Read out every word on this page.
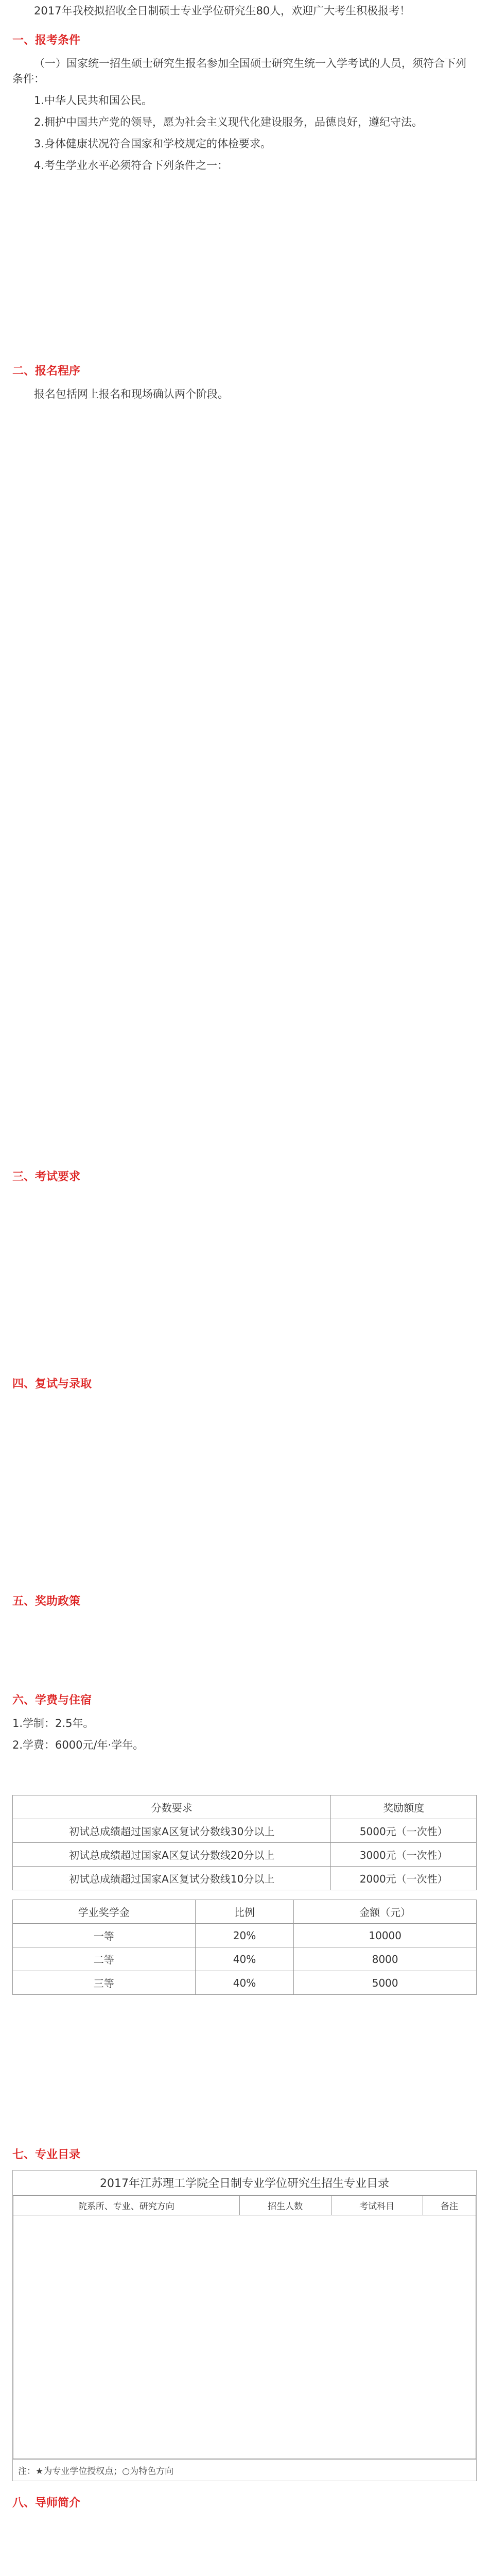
2017年我校拟招收全日制硕士专业学位研究生80人，欢迎广大考生积极报考！

一、报考条件

（一）国家统一招生硕士研究生报名参加全国硕士研究生统一入学考试的人员，须符合下列条件：

1.中华人民共和国公民。

2.拥护中国共产党的领导，愿为社会主义现代化建设服务，品德良好，遵纪守法。

3.身体健康状况符合国家和学校规定的体检要求。

4.考生学业水平必须符合下列条件之一：

二、报名程序

报名包括网上报名和现场确认两个阶段。

三、考试要求
四、复试与录取
五、奖助政策
六、学费与住宿

1.学制：2.5年。

2.学费：6000元/年·学年。

分数要求	奖励额度
初试总成绩超过国家A区复试分数线30分以上	5000元（一次性）
初试总成绩超过国家A区复试分数线20分以上	3000元（一次性）
初试总成绩超过国家A区复试分数线10分以上	2000元（一次性）
学业奖学金	比例	金额（元）
一等	20%	10000
二等	40%	8000
三等	40%	5000
七、专业目录
2017年江苏理工学院全日制专业学位研究生招生专业目录
院系所、专业、研究方向	招生人数	考试科目	备注

注：★为专业学位授权点；○为特色方向
八、导师简介
